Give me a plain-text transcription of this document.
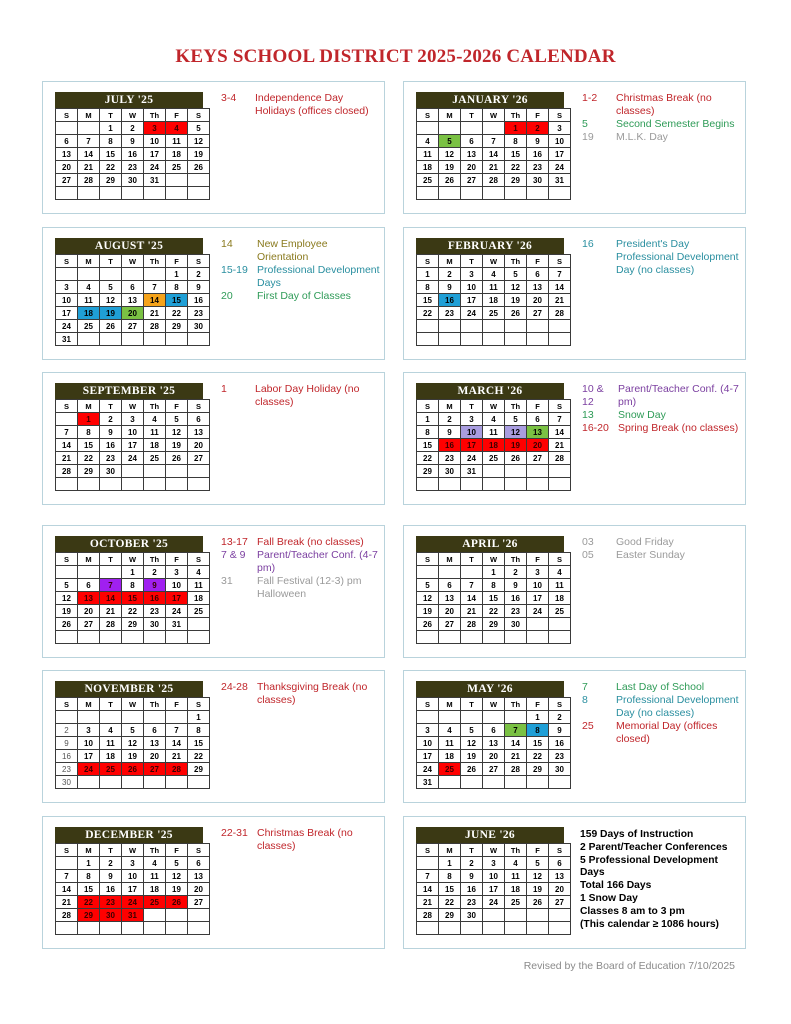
KEYS SCHOOL DISTRICT 2025-2026 CALENDAR
JULY '25
S	M	T	W	Th	F	S
		1	2	3	4	5
6	7	8	9	10	11	12
13	14	15	16	17	18	19
20	21	22	23	24	25	26
27	28	29	30	31		

3-4	Independence Day Holidays (offices closed)
JANUARY '26
S	M	T	W	Th	F	S
				1	2	3
4	5	6	7	8	9	10
11	12	13	14	15	16	17
18	19	20	21	22	23	24
25	26	27	28	29	30	31

1-2	Christmas Break (no classes)
5	Second Semester Begins
19	M.L.K. Day
AUGUST '25
S	M	T	W	Th	F	S
					1	2
3	4	5	6	7	8	9
10	11	12	13	14	15	16
17	18	19	20	21	22	23
24	25	26	27	28	29	30
31						
14	New Employee Orientation
15-19 Professional Development Days
20	First Day of Classes
FEBRUARY '26
S	M	T	W	Th	F	S
1	2	3	4	5	6	7
8	9	10	11	12	13	14
15	16	17	18	19	20	21
22	23	24	25	26	27	28

16	President's Day Professional Development Day (no classes)
SEPTEMBER '25
S	M	T	W	Th	F	S
	1	2	3	4	5	6
7	8	9	10	11	12	13
14	15	16	17	18	19	20
21	22	23	24	25	26	27
28	29	30				

1	Labor Day Holiday (no classes)
MARCH '26
S	M	T	W	Th	F	S
1	2	3	4	5	6	7
8	9	10	11	12	13	14
15	16	17	18	19	20	21
22	23	24	25	26	27	28
29	30	31				

10 & 12
Parent/Teacher Conf. (4-7 pm)
13	Snow Day
16-20 Spring Break (no classes)
OCTOBER '25
S	M	T	W	Th	F	S
			1	2	3	4
5	6	7	8	9	10	11
12	13	14	15	16	17	18
19	20	21	22	23	24	25
26	27	28	29	30	31	

13-17 Fall Break (no classes)
7 & 9	Parent/Teacher Conf. (4-7 pm)
31	Fall Festival (12-3) pm Halloween
APRIL '26
S	M	T	W	Th	F	S
			1	2	3	4
5	6	7	8	9	10	11
12	13	14	15	16	17	18
19	20	21	22	23	24	25
26	27	28	29	30		

03	Good Friday
05	Easter Sunday
NOVEMBER '25
S	M	T	W	Th	F	S
						1
2	3	4	5	6	7	8
9	10	11	12	13	14	15
16	17	18	19	20	21	22
23	24	25	26	27	28	29
30						
24-28 Thanksgiving Break (no classes)
MAY '26
S	M	T	W	Th	F	S
					1	2
3	4	5	6	7	8	9
10	11	12	13	14	15	16
17	18	19	20	21	22	23
24	25	26	27	28	29	30
31						
7	Last Day of School
8	Professional Development Day (no classes)
25	Memorial Day (offices closed)
DECEMBER '25
S	M	T	W	Th	F	S
	1	2	3	4	5	6
7	8	9	10	11	12	13
14	15	16	17	18	19	20
21	22	23	24	25	26	27
28	29	30	31			

22-31 Christmas Break (no classes)
JUNE '26
S	M	T	W	Th	F	S
	1	2	3	4	5	6
7	8	9	10	11	12	13
14	15	16	17	18	19	20
21	22	23	24	25	26	27
28	29	30				

159 Days of Instruction
2 Parent/Teacher Conferences
5 Professional Development Days
Total 166 Days
1 Snow Day
Classes 8 am to 3 pm
(This calendar ≥ 1086 hours)
Revised by the Board of Education 7/10/2025
